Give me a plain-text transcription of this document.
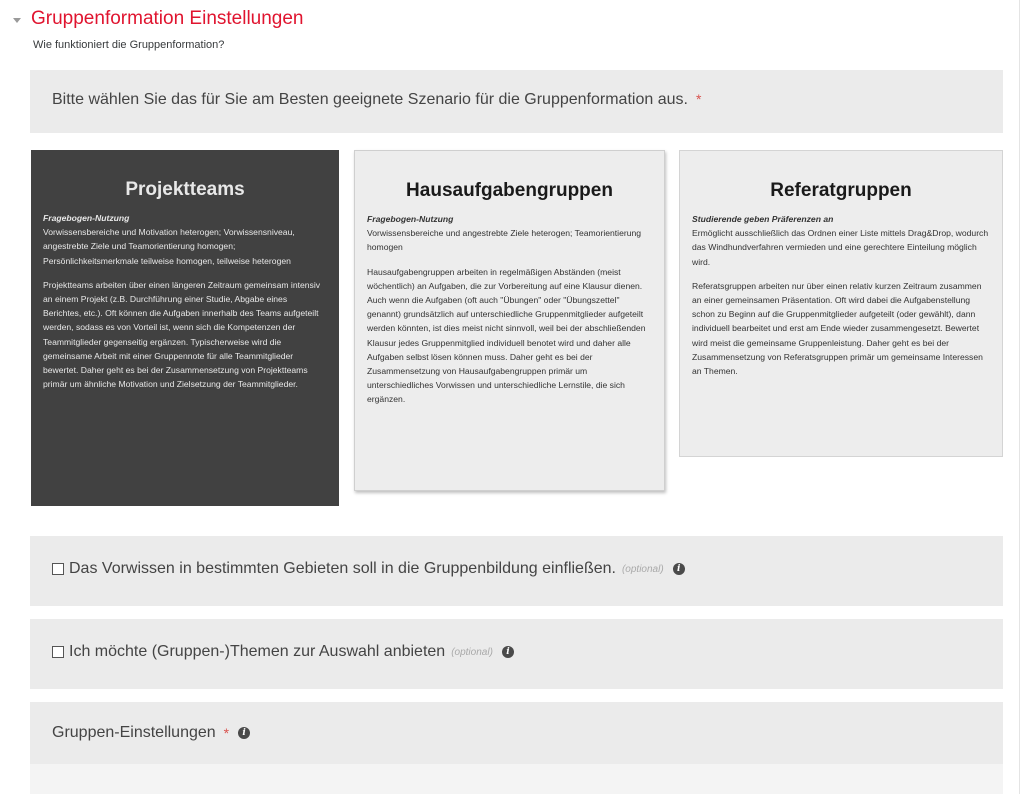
Gruppenformation Einstellungen
Wie funktioniert die Gruppenformation?
Bitte wählen Sie das für Sie am Besten geeignete Szenario für die Gruppenformation aus. *
Projektteams

Fragebogen-Nutzung
Vorwissensbereiche und Motivation heterogen; Vorwissensniveau, angestrebte Ziele und Teamorientierung homogen; Persönlichkeitsmerkmale teilweise homogen, teilweise heterogen

Projektteams arbeiten über einen längeren Zeitraum gemeinsam intensiv an einem Projekt (z.B. Durchführung einer Studie, Abgabe eines Berichtes, etc.). Oft können die Aufgaben innerhalb des Teams aufgeteilt werden, sodass es von Vorteil ist, wenn sich die Kompetenzen der Teammitglieder gegenseitig ergänzen. Typischerweise wird die gemeinsame Arbeit mit einer Gruppennote für alle Teammitglieder bewertet. Daher geht es bei der Zusammensetzung von Projektteams primär um ähnliche Motivation und Zielsetzung der Teammitglieder.

Hausaufgabengruppen

Fragebogen-Nutzung
Vorwissensbereiche und angestrebte Ziele heterogen; Teamorientierung homogen

Hausaufgabengruppen arbeiten in regelmäßigen Abständen (meist wöchentlich) an Aufgaben, die zur Vorbereitung auf eine Klausur dienen. Auch wenn die Aufgaben (oft auch "Übungen" oder "Übungszettel" genannt) grundsätzlich auf unterschiedliche Gruppenmitglieder aufgeteilt werden könnten, ist dies meist nicht sinnvoll, weil bei der abschließenden Klausur jedes Gruppenmitglied individuell benotet wird und daher alle Aufgaben selbst lösen können muss. Daher geht es bei der Zusammensetzung von Hausaufgabengruppen primär um unterschiedliches Vorwissen und unterschiedliche Lernstile, die sich ergänzen.

Referatgruppen

Studierende geben Präferenzen an
Ermöglicht ausschließlich das Ordnen einer Liste mittels Drag&Drop, wodurch das Windhundverfahren vermieden und eine gerechtere Einteilung möglich wird.

Referatsgruppen arbeiten nur über einen relativ kurzen Zeitraum zusammen an einer gemeinsamen Präsentation. Oft wird dabei die Aufgabenstellung schon zu Beginn auf die Gruppenmitglieder aufgeteilt (oder gewählt), dann individuell bearbeitet und erst am Ende wieder zusammengesetzt. Bewertet wird meist die gemeinsame Gruppenleistung. Daher geht es bei der Zusammensetzung von Referatsgruppen primär um gemeinsame Interessen an Themen.

Das Vorwissen in bestimmten Gebieten soll in die Gruppenbildung einfließen. (optional)	i
Ich möchte (Gruppen-)Themen zur Auswahl anbieten (optional)	i
Gruppen-Einstellungen *	i
